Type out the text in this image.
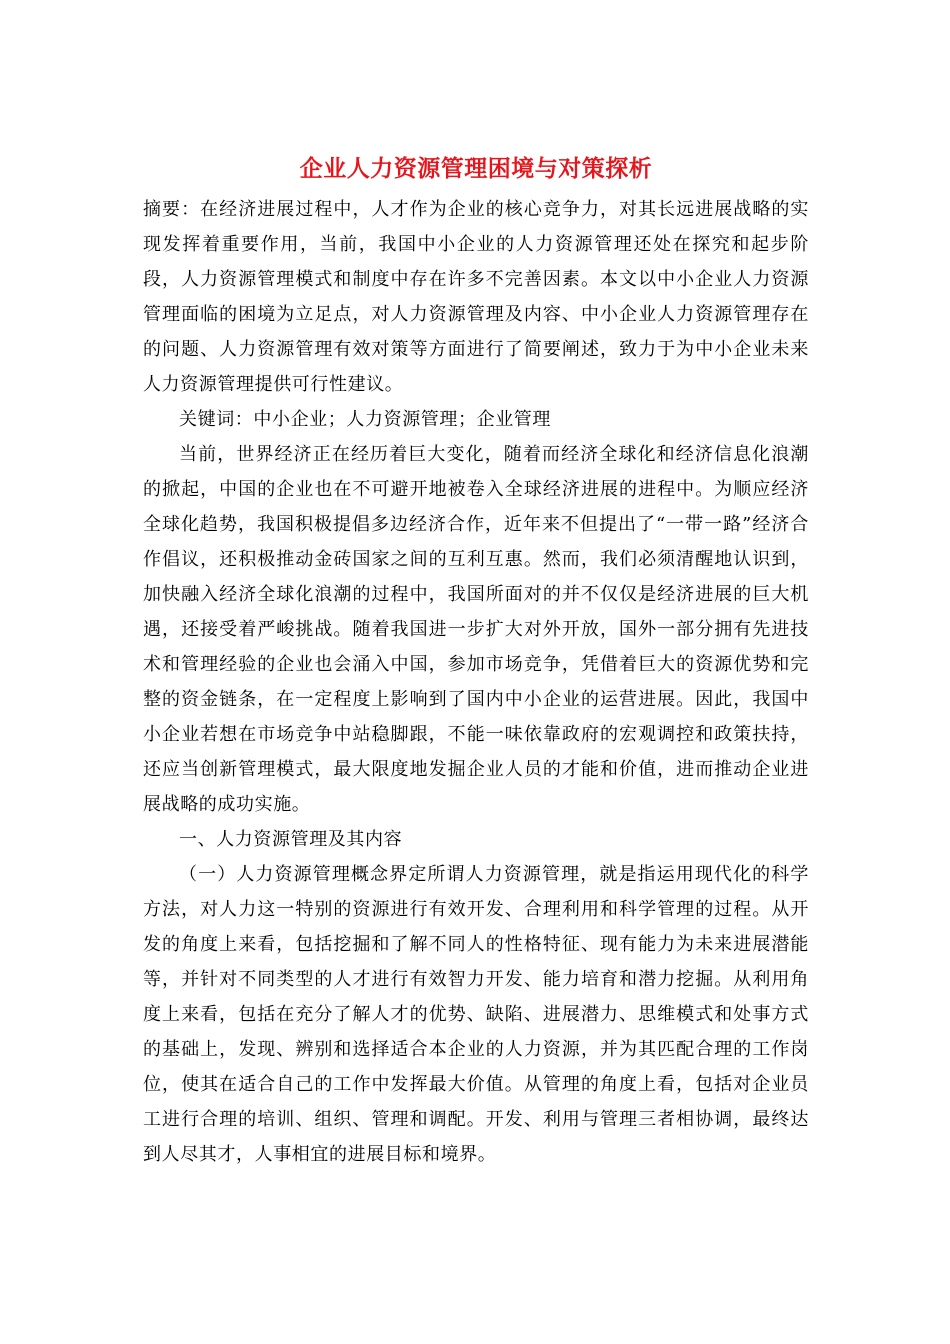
企业人力资源管理困境与对策探析

摘要：在经济进展过程中，人才作为企业的核心竞争力，对其长远进展战略的实现发挥着重要作用，当前，我国中小企业的人力资源管理还处在探究和起步阶段，人力资源管理模式和制度中存在许多不完善因素。本文以中小企业人力资源管理面临的困境为立足点，对人力资源管理及内容、中小企业人力资源管理存在的问题、人力资源管理有效对策等方面进行了简要阐述，致力于为中小企业未来人力资源管理提供可行性建议。

关键词：中小企业；人力资源管理；企业管理

当前，世界经济正在经历着巨大变化，随着而经济全球化和经济信息化浪潮的掀起，中国的企业也在不可避开地被卷入全球经济进展的进程中。为顺应经济全球化趋势，我国积极提倡多边经济合作，近年来不但提出了“一带一路”经济合作倡议，还积极推动金砖国家之间的互利互惠。然而，我们必须清醒地认识到，加快融入经济全球化浪潮的过程中，我国所面对的并不仅仅是经济进展的巨大机遇，还接受着严峻挑战。随着我国进一步扩大对外开放，国外一部分拥有先进技术和管理经验的企业也会涌入中国，参加市场竞争，凭借着巨大的资源优势和完整的资金链条，在一定程度上影响到了国内中小企业的运营进展。因此，我国中小企业若想在市场竞争中站稳脚跟，不能一味依靠政府的宏观调控和政策扶持，还应当创新管理模式，最大限度地发掘企业人员的才能和价值，进而推动企业进展战略的成功实施。

一、人力资源管理及其内容

（一）人力资源管理概念界定所谓人力资源管理，就是指运用现代化的科学方法，对人力这一特别的资源进行有效开发、合理利用和科学管理的过程。从开发的角度上来看，包括挖掘和了解不同人的性格特征、现有能力为未来进展潜能等，并针对不同类型的人才进行有效智力开发、能力培育和潜力挖掘。从利用角度上来看，包括在充分了解人才的优势、缺陷、进展潜力、思维模式和处事方式的基础上，发现、辨别和选择适合本企业的人力资源，并为其匹配合理的工作岗位，使其在适合自己的工作中发挥最大价值。从管理的角度上看，包括对企业员工进行合理的培训、组织、管理和调配。开发、利用与管理三者相协调，最终达到人尽其才，人事相宜的进展目标和境界。
